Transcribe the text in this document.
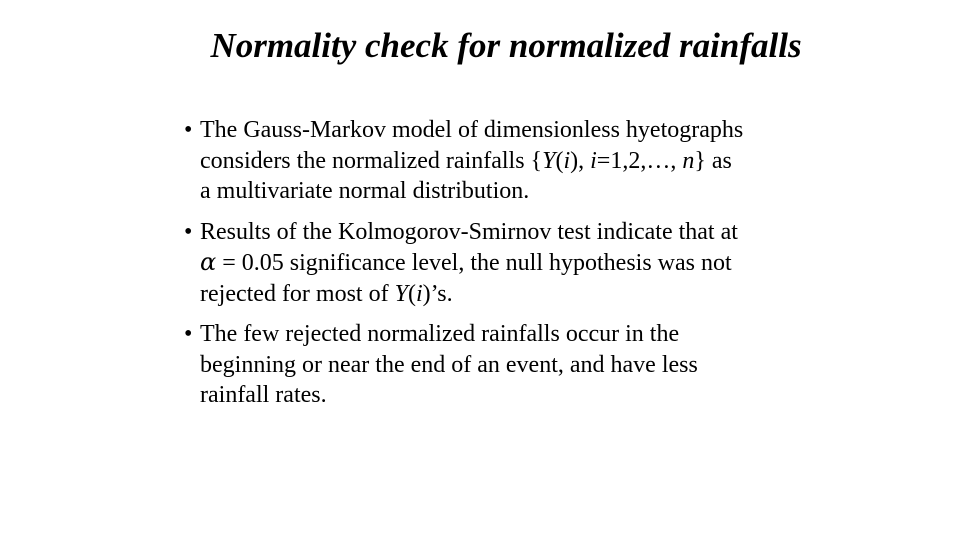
Normality check for normalized rainfalls
• The Gauss-Markov model of dimensionless hyetographs
considers the normalized rainfalls {Y(i), i=1,2,…, n} as
a multivariate normal distribution.
• Results of the Kolmogorov-Smirnov test indicate that at
α = 0.05 significance level, the null hypothesis was not
rejected for most of Y(i)’s.
• The few rejected normalized rainfalls occur in the
beginning or near the end of an event, and have less
rainfall rates.
